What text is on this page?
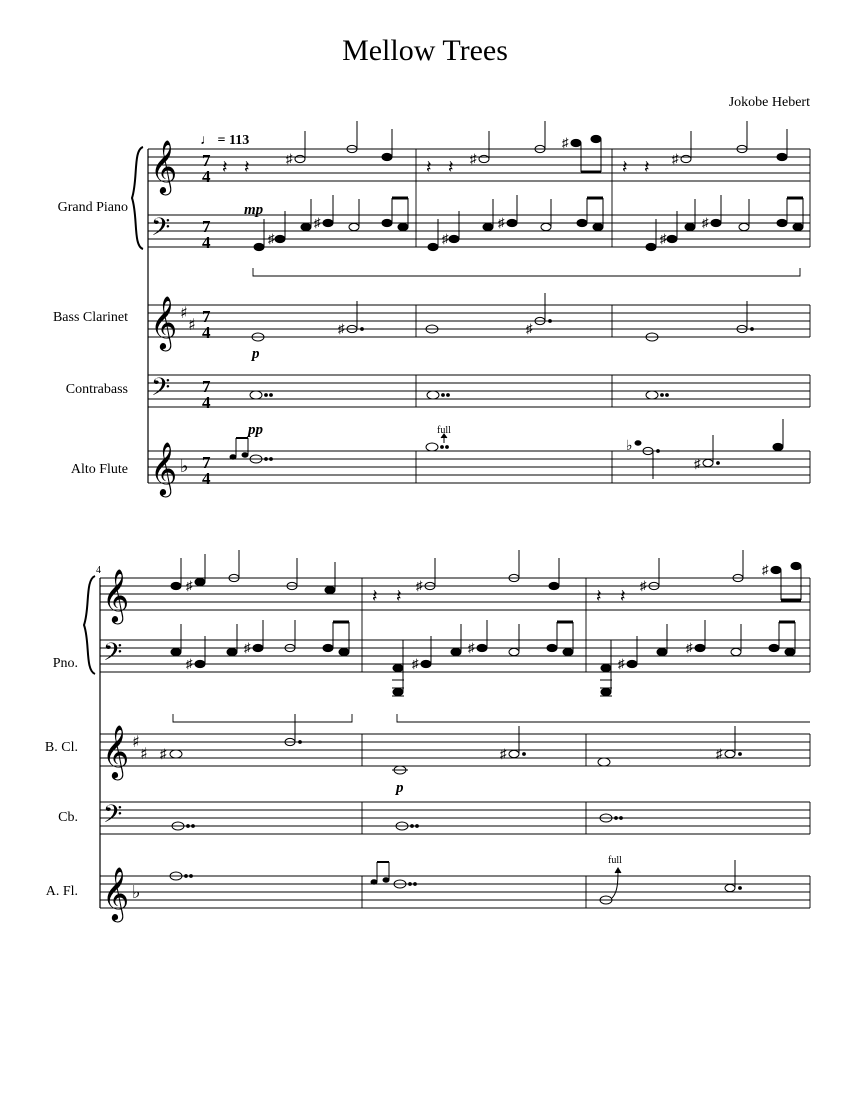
Mellow Trees
Jokobe Hebert
Grand Piano
Bass Clarinet
Contrabass
Alto Flute
Pno.
B. Cl.
Cb.
A. Fl.
4
𝄞
𝄢
𝄞
𝄢
𝄞
7
4
7
4
7
4
7
4
7
4
♯
♯
♭
𝄞
𝄢
𝄞
𝄢
𝄞
♯
♯
♭
𝄽 𝄽	♯	𝄽 𝄽 ♯
♯
𝄽 𝄽 ♯
♯
♯
♯
♯
♯
♯
♯	♯
♭
♯
♯
𝄽 𝄽
♯
𝄽 𝄽
♯
♯
♯
♯
♯
♯
♯
♯
♯	♯	♯
♩ = 113
mp
p
pp
p
full
full
